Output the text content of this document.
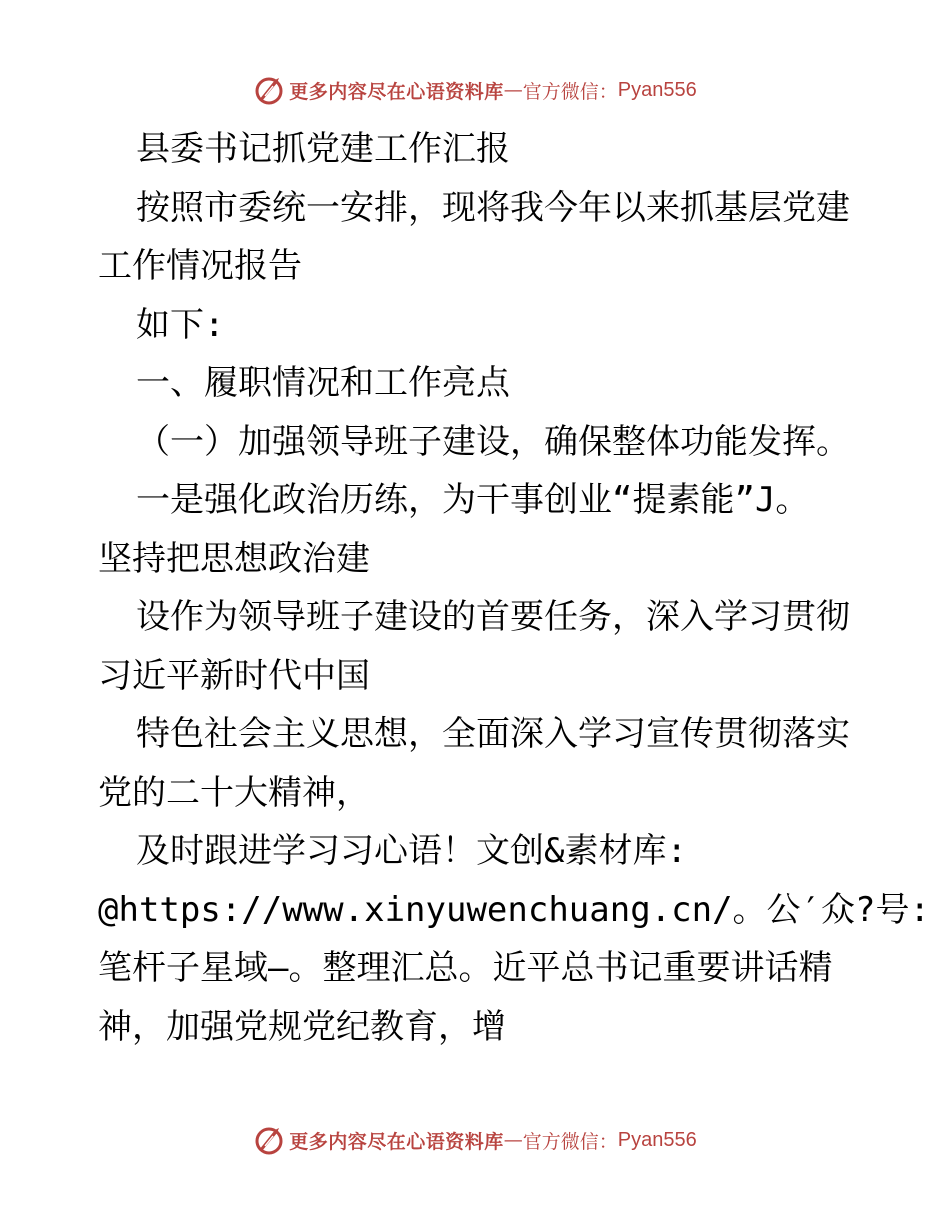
更多内容尽在心语资料库 — 官方微信： Pyan556
县委书记抓党建工作汇报
按照市委统一安排，现将我今年以来抓基层党建
工作情况报告
如下:
一、履职情况和工作亮点
（一）加强领导班子建设，确保整体功能发挥。
一是强化政治历练，为干事创业“提素能”J。
坚持把思想政治建
设作为领导班子建设的首要任务，深入学习贯彻
习近平新时代中国
特色社会主义思想，全面深入学习宣传贯彻落实
党的二十大精神，
及时跟进学习习心语！文创&素材库:
@https://www.xinyuwenchuang.cn/。公′众?号:
笔杆子星域—。整理汇总。近平总书记重要讲话精
神，加强党规党纪教育，增
更多内容尽在心语资料库 — 官方微信： Pyan556
